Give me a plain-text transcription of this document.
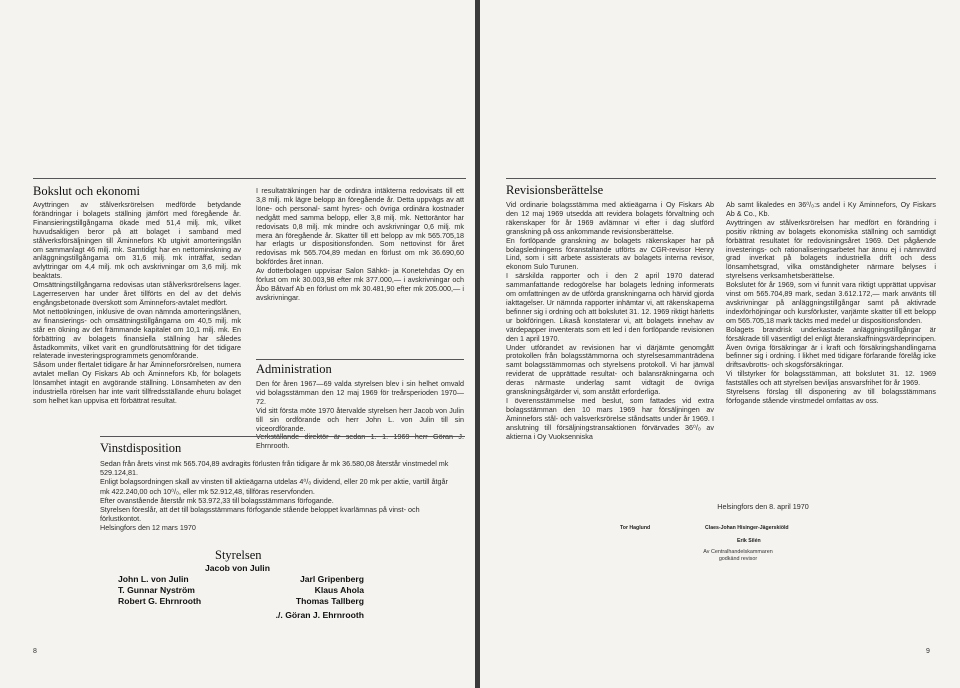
Bokslut och ekonomi

Avyttringen av stålverksrörelsen medförde betydande förändringar i bolagets ställning jämfört med föregående år. Finansieringstillgångarna ökade med 51,4 milj. mk, vilket huvudsakligen beror på att bolaget i samband med stålverksförsäljningen till Äminnefors Kb utgivit amorteringslån om sammanlagt 46 milj. mk. Samtidigt har en nettominskning av anläggningstillgångarna om 31,6 milj. mk inträffat, sedan avlyttringar om 4,4 milj. mk och avskrivningar om 3,6 milj. mk beaktats.

Omsättningstillgångarna redovisas utan stålverksrörelsens lager. Lagerreserven har under året tillförts en del av det delvis engångsbetonade överskott som Äminnefors-avtalet medfört.

Mot nettoökningen, inklusive de ovan nämnda amorteringslånen, av finansierings- och omsättningstillgångarna om 40,5 milj. mk står en ökning av det främmande kapitalet om 10,1 milj. mk. En förbättring av bolagets finansiella ställning har således åstadkommits, vilket varit en grundförutsättning för det tidigare relaterade investeringsprogrammets genomförande.

Såsom under flertalet tidigare år har Äminneforsrörelsen, numera avtalet mellan Oy Fiskars Ab och Äminnefors Kb, för bolagets lönsamhet intagit en avgörande ställning. Lönsamheten av den industriella rörelsen har inte varit tillfredsställande ehuru bolaget som helhet kan uppvisa ett förbättrat resultat.

I resultaträkningen har de ordinära intäkterna redovisats till ett 3,8 milj. mk lägre belopp än föregående år. Detta uppvägs av att löne- och personal- samt hyres- och övriga ordinära kostnader nedgått med samma belopp, eller 3,8 milj. mk. Nettoräntor har redovisats 0,8 milj. mk mindre och avskrivningar 0,6 milj. mk mera än föregående år. Skatter till ett belopp av mk 565.705,18 har erlagts ur dispositionsfonden. Som nettovinst för året redovisas mk 565.704,89 medan en förlust om mk 36.690,60 bokfördes året innan.

Av dotterbolagen uppvisar Salon Sähkö- ja Konetehdas Oy en förlust om mk 30.003,98 efter mk 377.000,— i avskrivningar och Åbo Båtvarf Ab en förlust om mk 30.481,90 efter mk 205.000,— i avskrivningar.

Administration

Den för åren 1967—69 valda styrelsen blev i sin helhet omvald vid bolagsstämman den 12 maj 1969 för treårsperioden 1970—72.

Vid sitt första möte 1970 återvalde styrelsen herr Jacob von Julin till sin ordförande och herr John L. von Julin till sin viceordförande.

Ehrnrooth.

Vinstdisposition

Sedan från årets vinst mk 565.704,89 avdragits förlusten från tidigare år mk 36.580,08 återstår vinstmedel mk 529.124,81.

Enligt bolagsordningen skall av vinsten till aktieägarna utdelas 4⁰/₀ dividend, eller 20 mk per aktie, vartill åtgår mk 422.240,00 och 10⁰/₀, eller mk 52.912,48, tillföras reservfonden.

Efter ovanstående återstår mk 53.972,33 till bolagsstämmans förfogande.

Styrelsen föreslår, att det till bolagsstämmans förfogande stående beloppet kvarlämnas på vinst- och förlustkontot.

Helsingfors den 12 mars 1970

Styrelsen
Jacob von Julin
John L. von Julin
T. Gunnar Nyström
Robert G. Ehrnrooth
Jarl Gripenberg
Klaus Ahola
Thomas Tallberg
./. Göran J. Ehrnrooth
8
Revisionsberättelse

Vid ordinarie bolagsstämma med aktieägarna i Oy Fiskars Ab den 12 maj 1969 utsedda att revidera bolagets förvaltning och räkenskaper för år 1969 avlämnar vi efter i dag slutförd granskning på oss ankommande revisionsberättelse.

En fortlöpande granskning av bolagets räkenskaper har på bolagsledningens föranstaltande utförts av CGR-revisor Henry Lind, som i sitt arbete assisterats av bolagets interna revisor, ekonom Sulo Turunen.

I särskilda rapporter och i den 2 april 1970 daterad sammanfattande redogörelse har bolagets ledning informerats om omfattningen av de utförda granskningarna och härvid gjorda iakttagelser. Ur nämnda rapporter inhämtar vi, att räkenskaperna befinner sig i ordning och att bokslutet 31. 12. 1969 riktigt härletts ur bokföringen. Likaså konstaterar vi, att bolagets innehav av värdepapper inventerats som ett led i den fortlöpande revisionen den 1 april 1970.

Under utförandet av revisionen har vi därjämte genomgått protokollen från bolagsstämmorna och styrelsesammanträdena samt bolagsstämmornas och styrelsens protokoll. Vi har jämväl reviderat de upprättade resultat- och balansräkningarna och deras närmaste underlag samt vidtagit de övriga granskningsåtgärder vi, som anstått erforderliga.

I överensstämmelse med beslut, som fattades vid extra bolagsstämman den 10 mars 1969 har försäljningen av Äminnefors stål- och valsverksrörelse ståndsatts under år 1969. I anslutning till försäljningstransaktionen förvärvades 36⁰/₀ av aktierna i Oy Vuoksenniska

Ab samt likaledes en 36⁰/₀:s andel i Ky Äminnefors, Oy Fiskars Ab & Co., Kb.

Avyttringen av stålverksrörelsen har medfört en förändring i positiv riktning av bolagets ekonomiska ställning och samtidigt förbättrat resultatet för redovisningsåret 1969. Det pågående investerings- och rationaliseringsarbetet har ännu ej i nämnvärd grad inverkat på bolagets industriella drift och dess lönsamhetsgrad, vilka omständigheter närmare belyses i styrelsens verksamhetsberättelse.

Bokslutet för år 1969, som vi funnit vara riktigt upprättat uppvisar vinst om 565.704,89 mark, sedan 3.612.172,— mark använts till avskrivningar på anläggningstillgångar samt på aktivrade indexförhöjningar och kursförluster, varjämte skatter till ett belopp om 565.705,18 mark täckts med medel ur dispositionsfonden.

Bolagets brandrisk underkastade anläggningstillgångar är försäkrade till väsentligt del enligt återanskaffningsvärdeprincipen. Även övriga försäkringar är i kraft och försäkringshandlingarna befinner sig i ordning. I likhet med tidigare förfarande förelåg icke driftsavbrotts- och skogsförsäkringar.

Vi tillstyrker för bolagsstämman, att bokslutet 31. 12. 1969 fastställes och att styrelsen beviljas ansvarsfrihet för år 1969.

Styrelsens förslag till disponering av till bolagsstämmans förfogande stående vinstmedel omfattas av oss.

Helsingfors den 8. april 1970
Tor Haglund	Claes-Johan Hisinger-Jägerskiöld
Erik Silén
Av Centralhandelskammaren
godkänd revisor
9
